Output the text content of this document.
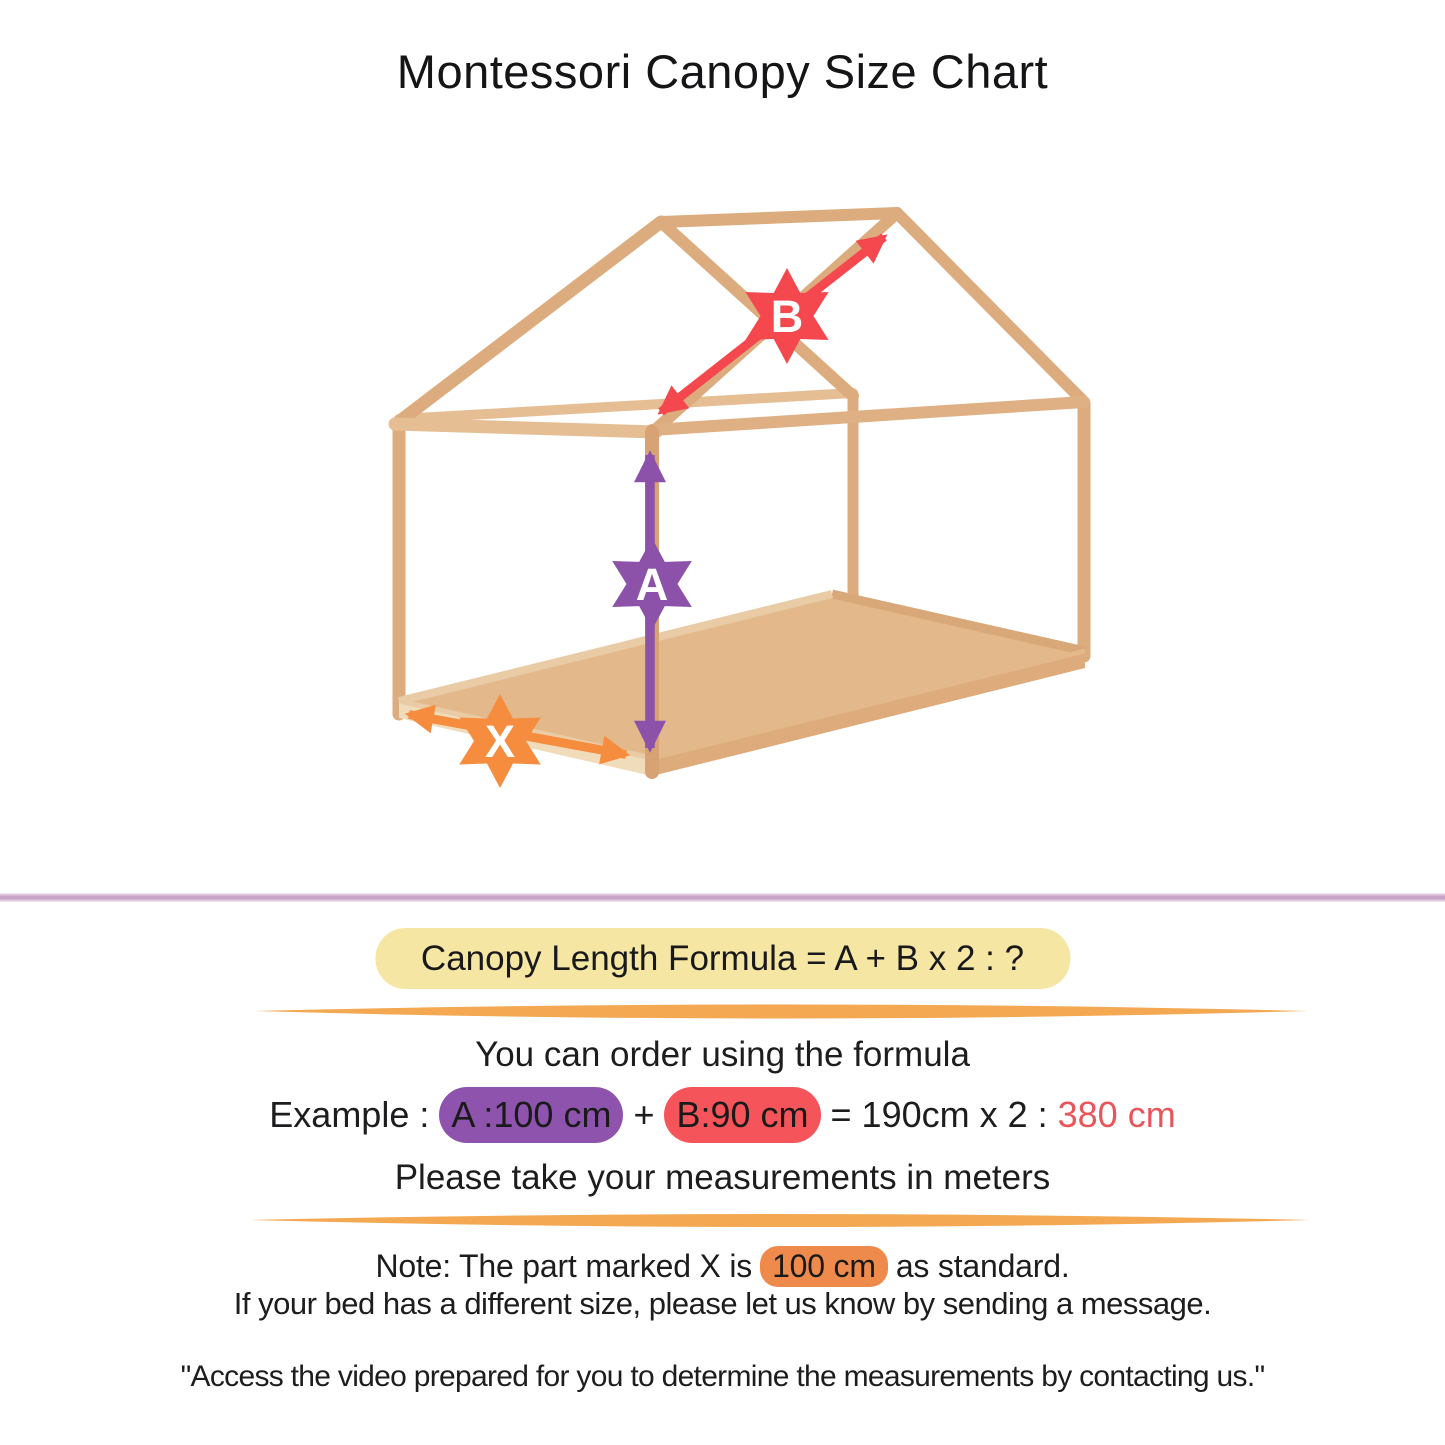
Montessori Canopy Size Chart
B
A
X
Canopy Length Formula = A + B x 2 : ?
You can order using the formula
Example : A :100 cm + B:90 cm = 190cm x 2 : 380 cm
Please take your measurements in meters
Note: The part marked X is 100 cm as standard.
If your bed has a different size, please let us know by sending a message.
"Access the video prepared for you to determine the measurements by contacting us."
